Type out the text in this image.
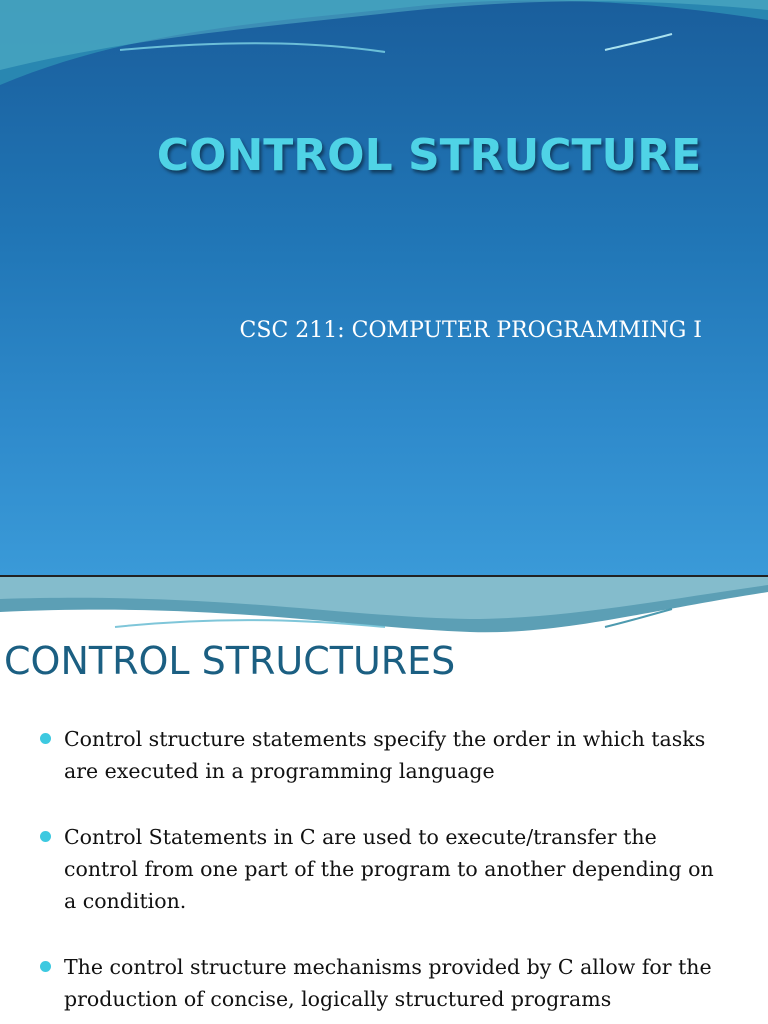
CONTROL STRUCTURE
CSC 211: COMPUTER PROGRAMMING I
CONTROL STRUCTURES
Control structure statements specify the order in which tasks are executed in a programming language
Control Statements in C are used to execute/transfer the control from one part of the program to another depending on a condition.
The control structure mechanisms provided by C allow for the production of concise, logically structured programs
